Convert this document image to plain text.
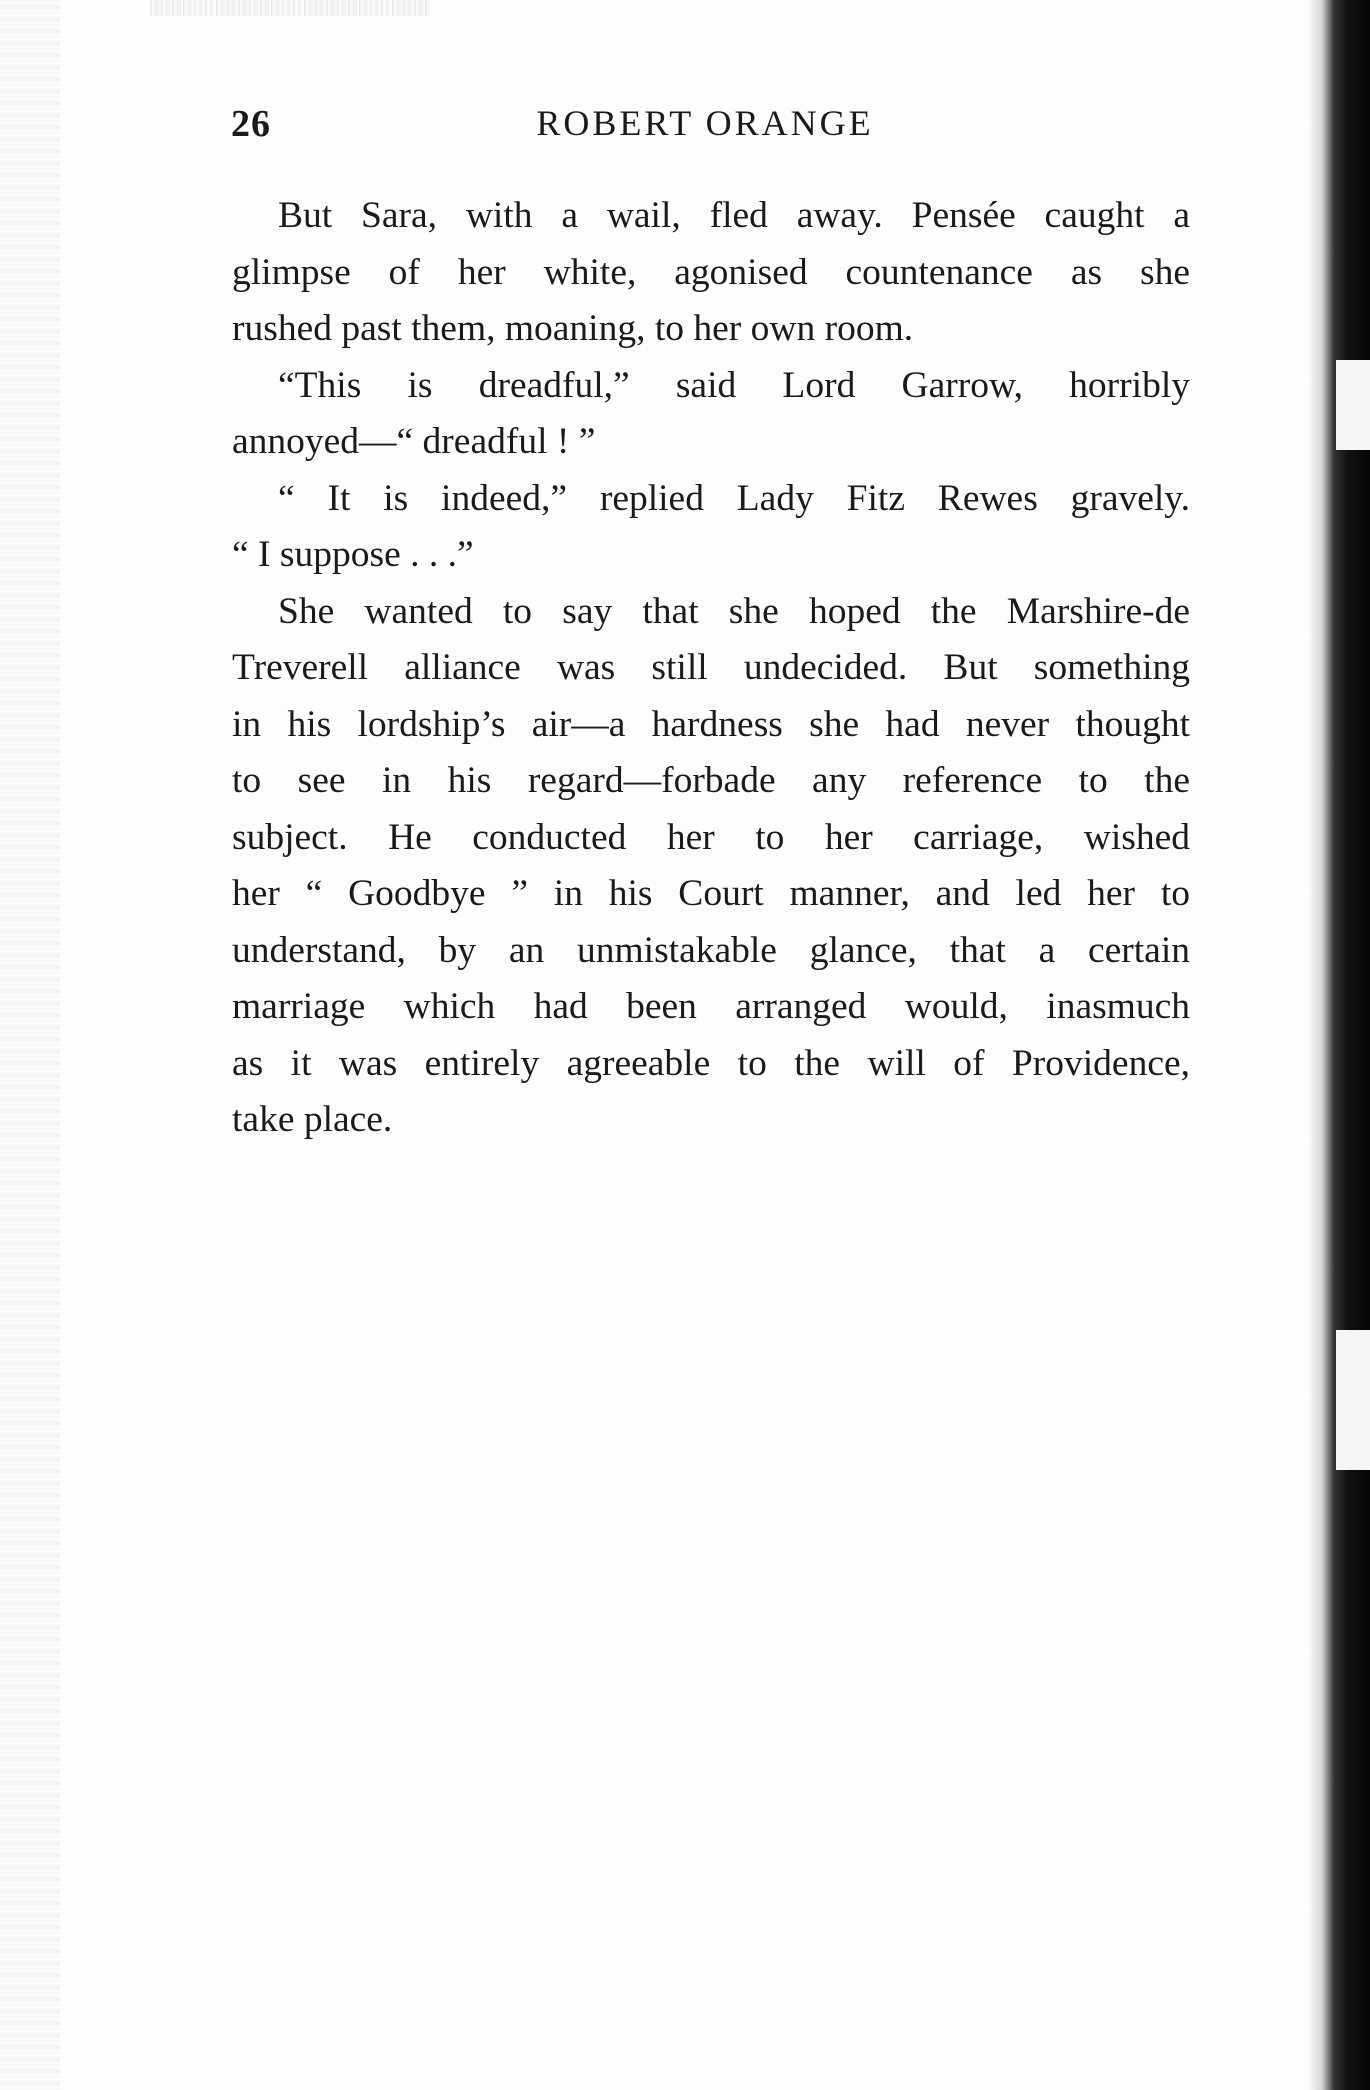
26	ROBERT ORANGE
But Sara, with a wail, fled away. Pensée caught a
glimpse of her white, agonised countenance as she
rushed past them, moaning, to her own room.
“This is dreadful,” said Lord Garrow, horribly
annoyed—“ dreadful ! ”
“ It is indeed,” replied Lady Fitz Rewes gravely.
“ I suppose . . .”
She wanted to say that she hoped the Marshire-de
Treverell alliance was still undecided. But something
in his lordship’s air—a hardness she had never thought
to see in his regard—forbade any reference to the
subject. He conducted her to her carriage, wished
her “ Goodbye ” in his Court manner, and led her to
understand, by an unmistakable glance, that a certain
marriage which had been arranged would, inasmuch
as it was entirely agreeable to the will of Providence,
take place.
